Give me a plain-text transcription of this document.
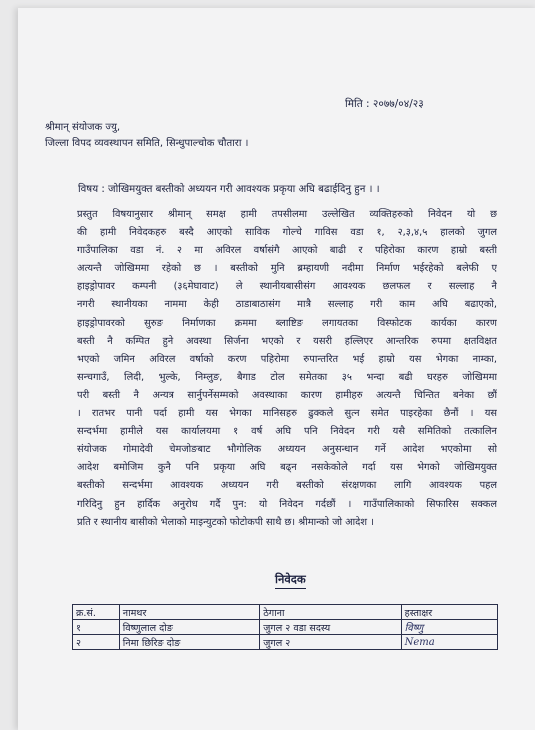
मिति : २०७७/०४/२३
श्रीमान् संयोजक ज्यु,
जिल्ला विपद व्यवस्थापन समिति, सिन्धुपाल्चोक चौतारा ।
विषय : जोखिमयुक्त बस्तीको अध्ययन गरी आवश्यक प्रकृया अघि बढाईदिनु हुन । ।
प्रस्तुत विषयानुसार श्रीमान् समक्ष हामी तपसीलमा उल्लेखित व्यक्तिहरुको निवेदन यो छ
की हामी निवेदकहरु बस्दै आएको साविक गोल्चे गाविस वडा १, २,३,४,५ हालको जुगल
गाउँपालिका वडा नं. २ मा अविरल वर्षासंगै आएको बाढी र पहिरोका कारण हाम्रो बस्ती
अत्यन्तै जोखिममा रहेको छ । बस्तीको मुनि ब्रम्हायणी नदीमा निर्माण भईरहेको बलेफी ए
हाइड्रोपावर कम्पनी (३६मेघावाट) ले स्थानीयबासीसंग आवश्यक छलफल र सल्लाह नै
नगरी स्थानीयका नाममा केही ठाडाबाठासंग मात्रै सल्लाह गरी काम अघि बढाएको,
हाइड्रोपावरको सुरुङ निर्माणका क्रममा ब्लाष्टिङ लगायतका विस्फोटक कार्यका कारण
बस्ती नै कम्पित हुने अवस्था सिर्जना भएको र यसरी हल्लिएर आन्तरिक रुपमा क्षतविक्षत
भएको जमिन अविरल वर्षाको करण पहिरोमा रुपान्तरित भई हाम्रो यस भेगका नाम्का,
सन्चगाउँ, लिदी, भुल्के, निम्लुङ, बैगाड टोल समेतका ३५ भन्दा बढी घरहरु जोखिममा
परी बस्ती नै अन्यत्र सार्नुपर्नेसम्मको अवस्थाका कारण हामीहरु अत्यन्तै चिन्तित बनेका छौं
। रातभर पानी पर्दा हामी यस भेगका मानिसहरु ढुक्कले सुत्न समेत पाइरहेका छैनौं । यस
सन्दर्भमा हामीले यस कार्यालयमा १ वर्ष अघि पनि निवेदन गरी यसै समितिको तत्कालिन
संयोजक गोमादेवी चेमजोङबाट भौगोलिक अध्ययन अनुसन्धान गर्ने आदेश भएकोमा सो
आदेश बमोजिम कुनै पनि प्रकृया अघि बढ्न नसकेकोले गर्दा यस भेगको जोखिमयुक्त
बस्तीको सन्दर्भमा आवश्यक अध्ययन गरी बस्तीको संरक्षणका लागि आवश्यक पहल
गरिदिनु हुन हार्दिक अनुरोध गर्दै पुन: यो निवेदन गर्दछौं । गाउँपालिकाको सिफारिस सक्कल
प्रति र स्थानीय बासीको भेलाको माइन्युटको फोटोकपी साथै छ। श्रीमान्को जो आदेश ।
निवेदक
क्र.सं.	नामथर	ठेगाना	हस्ताक्षर
१	विष्णुलाल दोङ	जुगल २ वडा सदस्य	विष्णु
२	निमा छिरिङ दोङ	जुगल २	Nema
